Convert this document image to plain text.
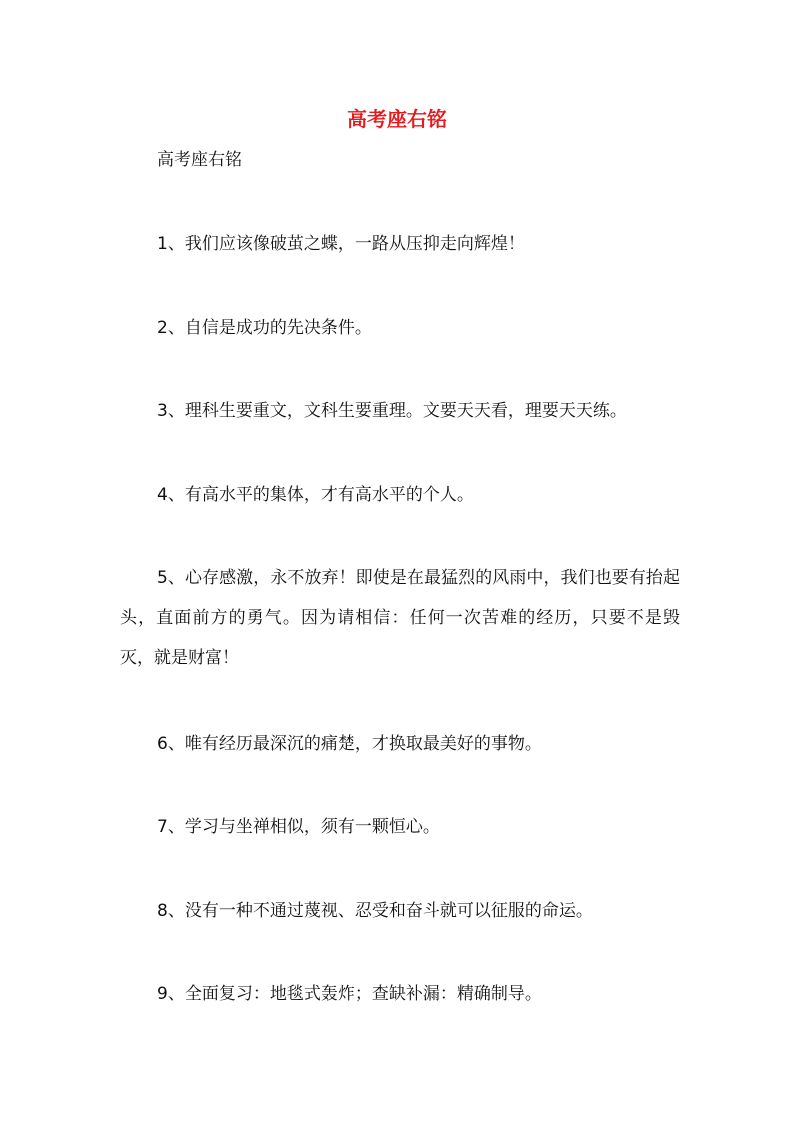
高考座右铭
高考座右铭

1、我们应该像破茧之蝶，一路从压抑走向辉煌！

2、自信是成功的先决条件。

3、理科生要重文，文科生要重理。文要天天看，理要天天练。

4、有高水平的集体，才有高水平的个人。

5、心存感激，永不放弃！即使是在最猛烈的风雨中，我们也要有抬起头，直面前方的勇气。因为请相信：任何一次苦难的经历，只要不是毁灭，就是财富！

6、唯有经历最深沉的痛楚，才换取最美好的事物。

7、学习与坐禅相似，须有一颗恒心。

8、没有一种不通过蔑视、忍受和奋斗就可以征服的命运。

9、全面复习：地毯式轰炸；查缺补漏：精确制导。
